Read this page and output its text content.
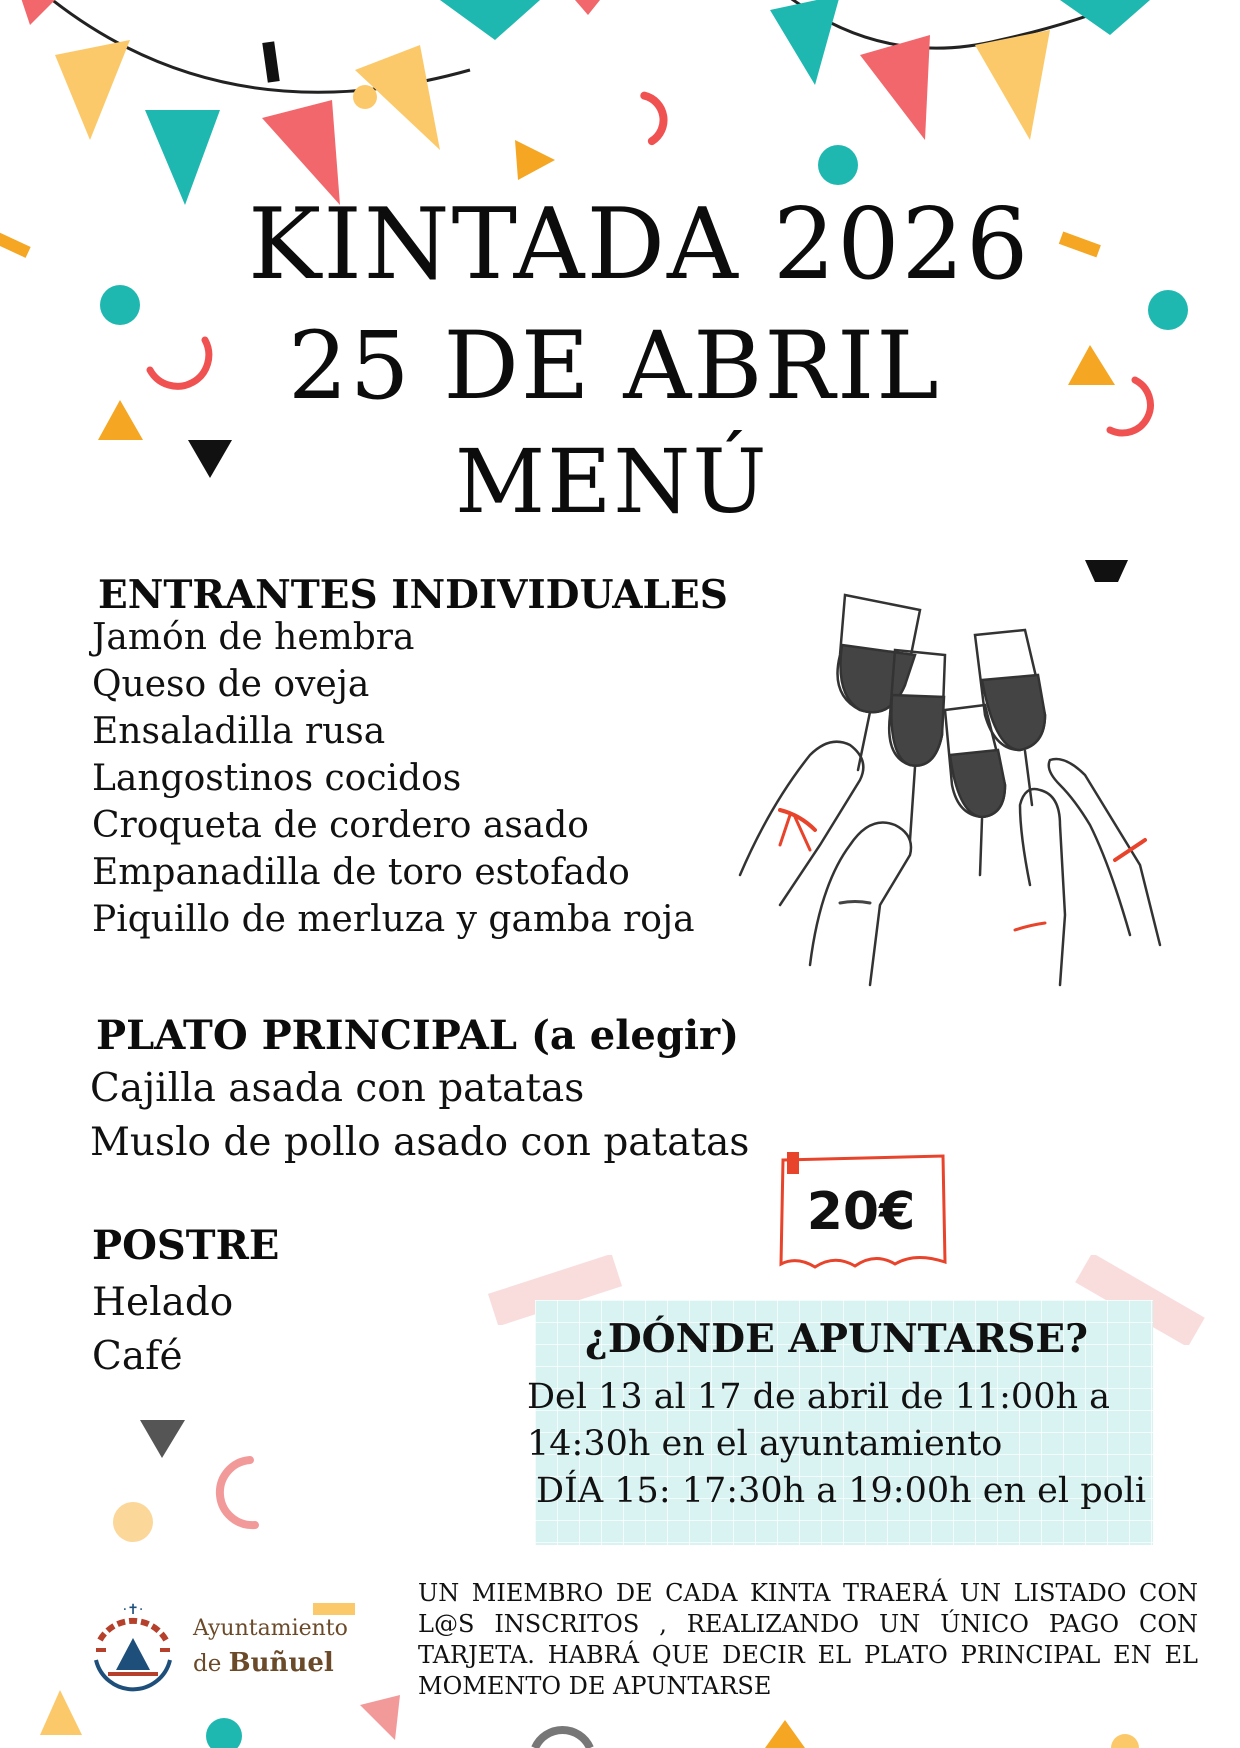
KINTADA 2026
25 DE ABRIL
MENÚ
ENTRANTES INDIVIDUALES
Jamón de hembra
Queso de oveja
Ensaladilla rusa
Langostinos cocidos
Croqueta de cordero asado
Empanadilla de toro estofado
Piquillo de merluza y gamba roja
PLATO PRINCIPAL (a elegir)
Cajilla asada con patatas
Muslo de pollo asado con patatas
POSTRE
Helado
Café
20€
¿DÓNDE APUNTARSE?
Del 13 al 17 de abril de 11:00h a
14:30h en el ayuntamiento
DÍA 15: 17:30h a 19:00h en el poli
·✝·
Ayuntamiento
de Buñuel
UN MIEMBRO DE CADA KINTA TRAERÁ UN LISTADO CON L@S INSCRITOS , REALIZANDO UN ÚNICO PAGO CON TARJETA. HABRÁ QUE DECIR EL PLATO PRINCIPAL EN EL MOMENTO DE APUNTARSE
